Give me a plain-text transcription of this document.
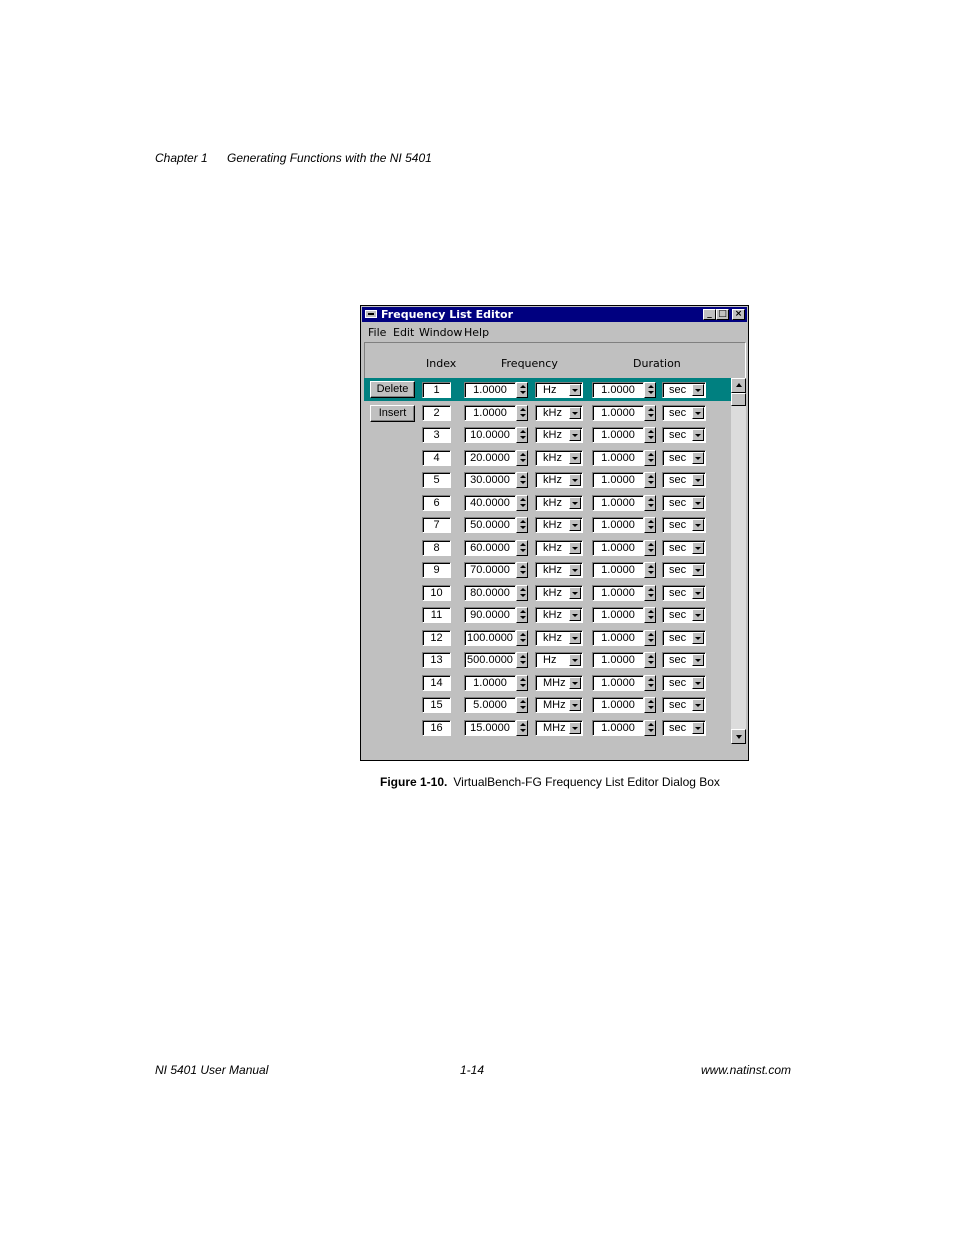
Chapter 1 Generating Functions with the NI 5401
Frequency List Editor	_ □ ×
File Edit Window Help
Index	Frequency	Duration
Delete
Insert
1	1.0000	Hz	1.0000	sec
2	1.0000	kHz	1.0000	sec
3	10.0000	kHz	1.0000	sec
4	20.0000	kHz	1.0000	sec
5	30.0000	kHz	1.0000	sec
6	40.0000	kHz	1.0000	sec
7	50.0000	kHz	1.0000	sec
8	60.0000	kHz	1.0000	sec
9	70.0000	kHz	1.0000	sec
10	80.0000	kHz	1.0000	sec
11	90.0000	kHz	1.0000	sec
12	100.0000	kHz	1.0000	sec
13	500.0000	Hz	1.0000	sec
14	1.0000	MHz	1.0000	sec
15	5.0000	MHz	1.0000	sec
16	15.0000	MHz	1.0000	sec
Figure 1-10. VirtualBench-FG Frequency List Editor Dialog Box
NI 5401 User Manual	1-14	www.natinst.com
